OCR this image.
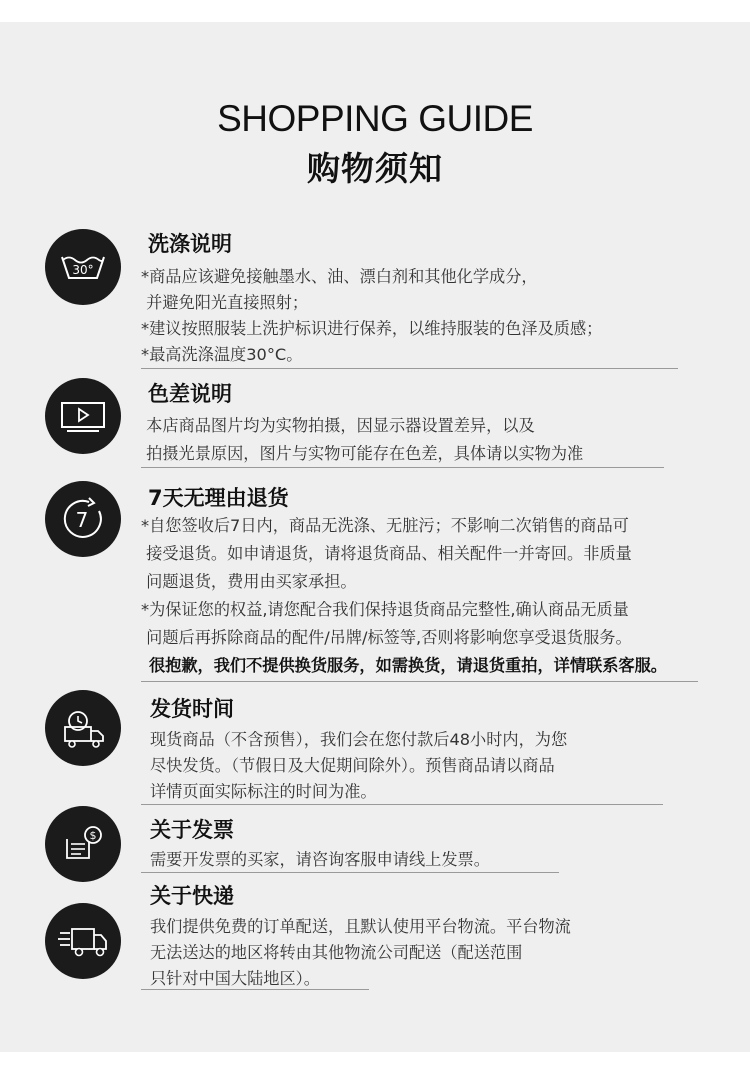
SHOPPING GUIDE
购物须知
30°
洗涤说明
*商品应该避免接触墨水、油、漂白剂和其他化学成分，
并避免阳光直接照射；
*建议按照服装上洗护标识进行保养，以维持服装的色泽及质感；
*最高洗涤温度30°C。
色差说明
本店商品图片均为实物拍摄，因显示器设置差异，以及
拍摄光景原因，图片与实物可能存在色差，具体请以实物为准
7
7天无理由退货
*自您签收后7日内，商品无洗涤、无脏污；不影响二次销售的商品可
接受退货。如申请退货，请将退货商品、相关配件一并寄回。非质量
问题退货，费用由买家承担。
*为保证您的权益,请您配合我们保持退货商品完整性,确认商品无质量
问题后再拆除商品的配件/吊牌/标签等,否则将影响您享受退货服务。
很抱歉，我们不提供换货服务，如需换货，请退货重拍，详情联系客服。
发货时间
现货商品（不含预售），我们会在您付款后48小时内，为您
尽快发货。（节假日及大促期间除外）。预售商品请以商品
详情页面实际标注的时间为准。
$	关于发票
需要开发票的买家，请咨询客服申请线上发票。
关于快递
我们提供免费的订单配送，且默认使用平台物流。平台物流
无法送达的地区将转由其他物流公司配送（配送范围
只针对中国大陆地区）。
